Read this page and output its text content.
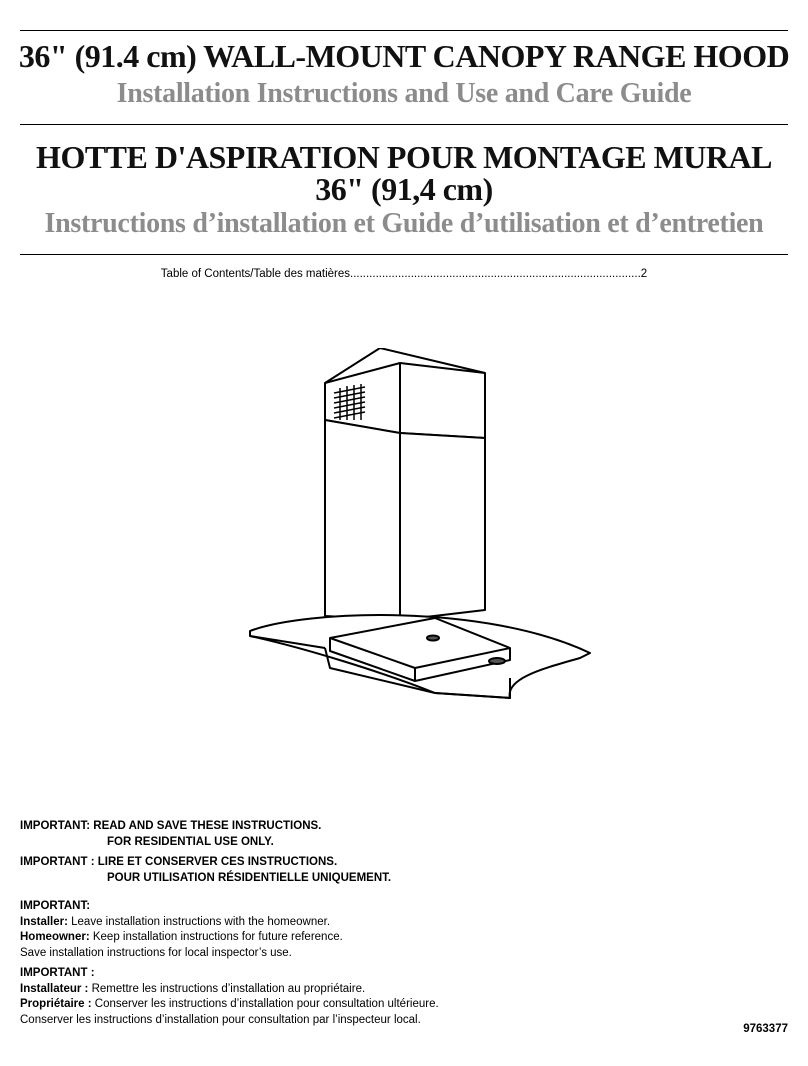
36" (91.4 cm) WALL-MOUNT CANOPY RANGE HOOD
Installation Instructions and Use and Care Guide
HOTTE D'ASPIRATION POUR MONTAGE MURAL
36" (91,4 cm)
Instructions d’installation et Guide d’utilisation et d’entretien
Table of Contents/Table des matières...........................................................................................2
IMPORTANT: READ AND SAVE THESE INSTRUCTIONS.
FOR RESIDENTIAL USE ONLY.
IMPORTANT : LIRE ET CONSERVER CES INSTRUCTIONS.
POUR UTILISATION RÉSIDENTIELLE UNIQUEMENT.
IMPORTANT:
Installer: Leave installation instructions with the homeowner.
Homeowner: Keep installation instructions for future reference.
Save installation instructions for local inspector’s use.
IMPORTANT :
Installateur : Remettre les instructions d’installation au propriétaire.
Propriétaire : Conserver les instructions d’installation pour consultation ultérieure.
Conserver les instructions d’installation pour consultation par l’inspecteur local.
9763377
